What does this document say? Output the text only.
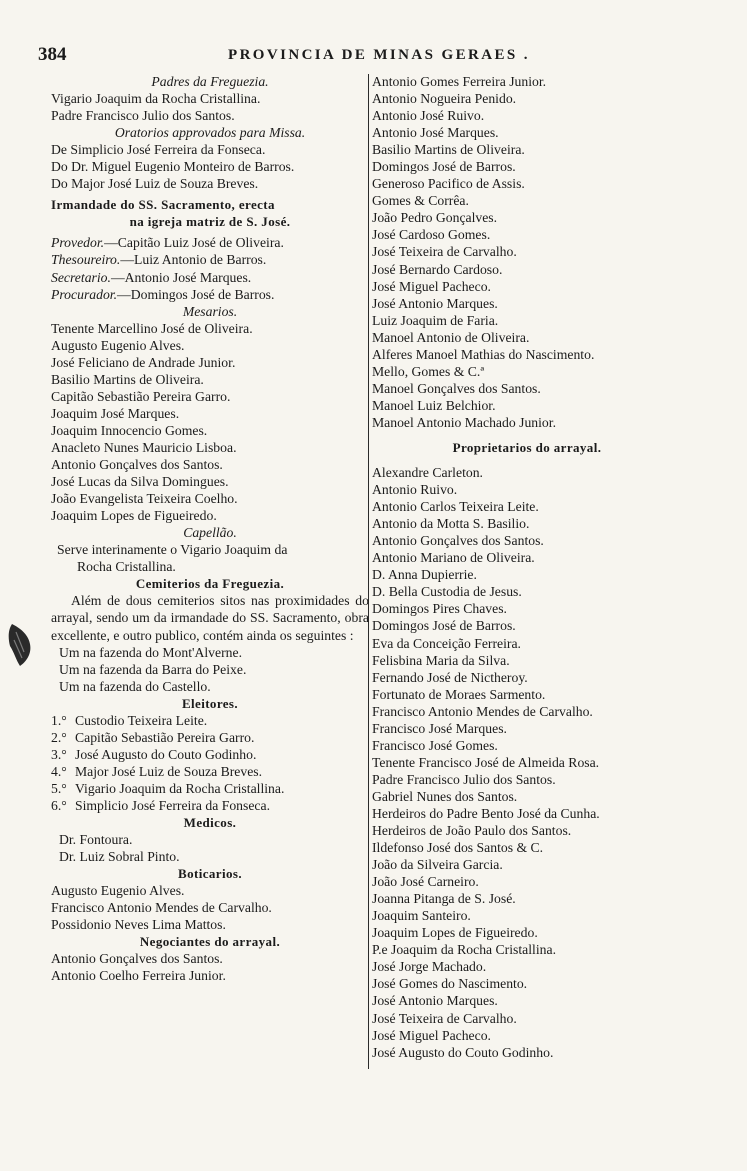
384	PROVINCIA DE MINAS GERAES .
Padres da Freguezia.
Vigario Joaquim da Rocha Cristallina.
Padre Francisco Julio dos Santos.
Oratorios approvados para Missa.
De Simplicio José Ferreira da Fonseca.
Do Dr. Miguel Eugenio Monteiro de Barros.
Do Major José Luiz de Souza Breves.
Irmandade do SS. Sacramento, erecta
na igreja matriz de S. José.
Provedor.—Capitão Luiz José de Oliveira.
Thesoureiro.—Luiz Antonio de Barros.
Secretario.—Antonio José Marques.
Procurador.—Domingos José de Barros.
Mesarios.
Tenente Marcellino José de Oliveira.
Augusto Eugenio Alves.
José Feliciano de Andrade Junior.
Basilio Martins de Oliveira.
Capitão Sebastião Pereira Garro.
Joaquim José Marques.
Joaquim Innocencio Gomes.
Anacleto Nunes Mauricio Lisboa.
Antonio Gonçalves dos Santos.
José Lucas da Silva Domingues.
João Evangelista Teixeira Coelho.
Joaquim Lopes de Figueiredo.
Capellão.
Serve interinamente o Vigario Joaquim da
Rocha Cristallina.
Cemiterios da Freguezia.
Além de dous cemiterios sitos nas proximidades do arrayal, sendo um da irmandade do SS. Sacramento, obra excellente, e outro publico, contém ainda os seguintes :
Um na fazenda do Mont'Alverne.
Um na fazenda da Barra do Peixe.
Um na fazenda do Castello.
Eleitores.
1.° Custodio Teixeira Leite.
2.° Capitão Sebastião Pereira Garro.
3.° José Augusto do Couto Godinho.
4.° Major José Luiz de Souza Breves.
5.° Vigario Joaquim da Rocha Cristallina.
6.° Simplicio José Ferreira da Fonseca.
Medicos.
Dr. Fontoura.
Dr. Luiz Sobral Pinto.
Boticarios.
Augusto Eugenio Alves.
Francisco Antonio Mendes de Carvalho.
Possidonio Neves Lima Mattos.
Negociantes do arrayal.
Antonio Gonçalves dos Santos.
Antonio Coelho Ferreira Junior.
Antonio Gomes Ferreira Junior.
Antonio Nogueira Penido.
Antonio José Ruivo.
Antonio José Marques.
Basilio Martins de Oliveira.
Domingos José de Barros.
Generoso Pacifico de Assis.
Gomes & Corrêa.
João Pedro Gonçalves.
José Cardoso Gomes.
José Teixeira de Carvalho.
José Bernardo Cardoso.
José Miguel Pacheco.
José Antonio Marques.
Luiz Joaquim de Faria.
Manoel Antonio de Oliveira.
Alferes Manoel Mathias do Nascimento.
Mello, Gomes & C.ª
Manoel Gonçalves dos Santos.
Manoel Luiz Belchior.
Manoel Antonio Machado Junior.
Proprietarios do arrayal.
Alexandre Carleton.
Antonio Ruivo.
Antonio Carlos Teixeira Leite.
Antonio da Motta S. Basilio.
Antonio Gonçalves dos Santos.
Antonio Mariano de Oliveira.
D. Anna Dupierrie.
D. Bella Custodia de Jesus.
Domingos Pires Chaves.
Domingos José de Barros.
Eva da Conceição Ferreira.
Felisbina Maria da Silva.
Fernando José de Nictheroy.
Fortunato de Moraes Sarmento.
Francisco Antonio Mendes de Carvalho.
Francisco José Marques.
Francisco José Gomes.
Tenente Francisco José de Almeida Rosa.
Padre Francisco Julio dos Santos.
Gabriel Nunes dos Santos.
Herdeiros do Padre Bento José da Cunha.
Herdeiros de João Paulo dos Santos.
Ildefonso José dos Santos & C.
João da Silveira Garcia.
João José Carneiro.
Joanna Pitanga de S. José.
Joaquim Santeiro.
Joaquim Lopes de Figueiredo.
P.e Joaquim da Rocha Cristallina.
José Jorge Machado.
José Gomes do Nascimento.
José Antonio Marques.
José Teixeira de Carvalho.
José Miguel Pacheco.
José Augusto do Couto Godinho.
